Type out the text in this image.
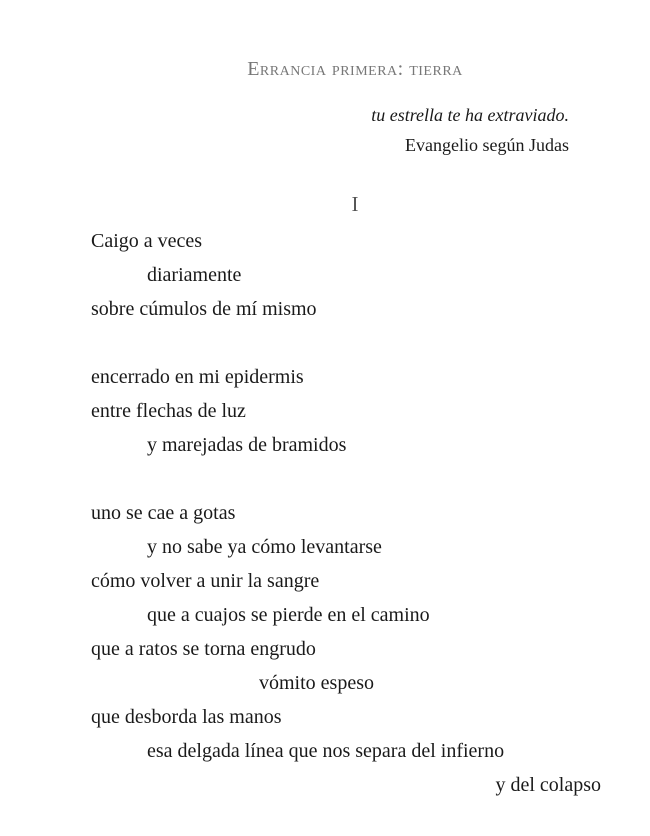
Errancia primera: tierra
tu estrella te ha extraviado.
Evangelio según Judas
I
Caigo a veces
diariamente
sobre cúmulos de mí mismo
encerrado en mi epidermis
entre flechas de luz
y marejadas de bramidos
uno se cae a gotas
y no sabe ya cómo levantarse
cómo volver a unir la sangre
que a cuajos se pierde en el camino
que a ratos se torna engrudo
vómito espeso
que desborda las manos
esa delgada línea que nos separa del infierno
y del colapso
